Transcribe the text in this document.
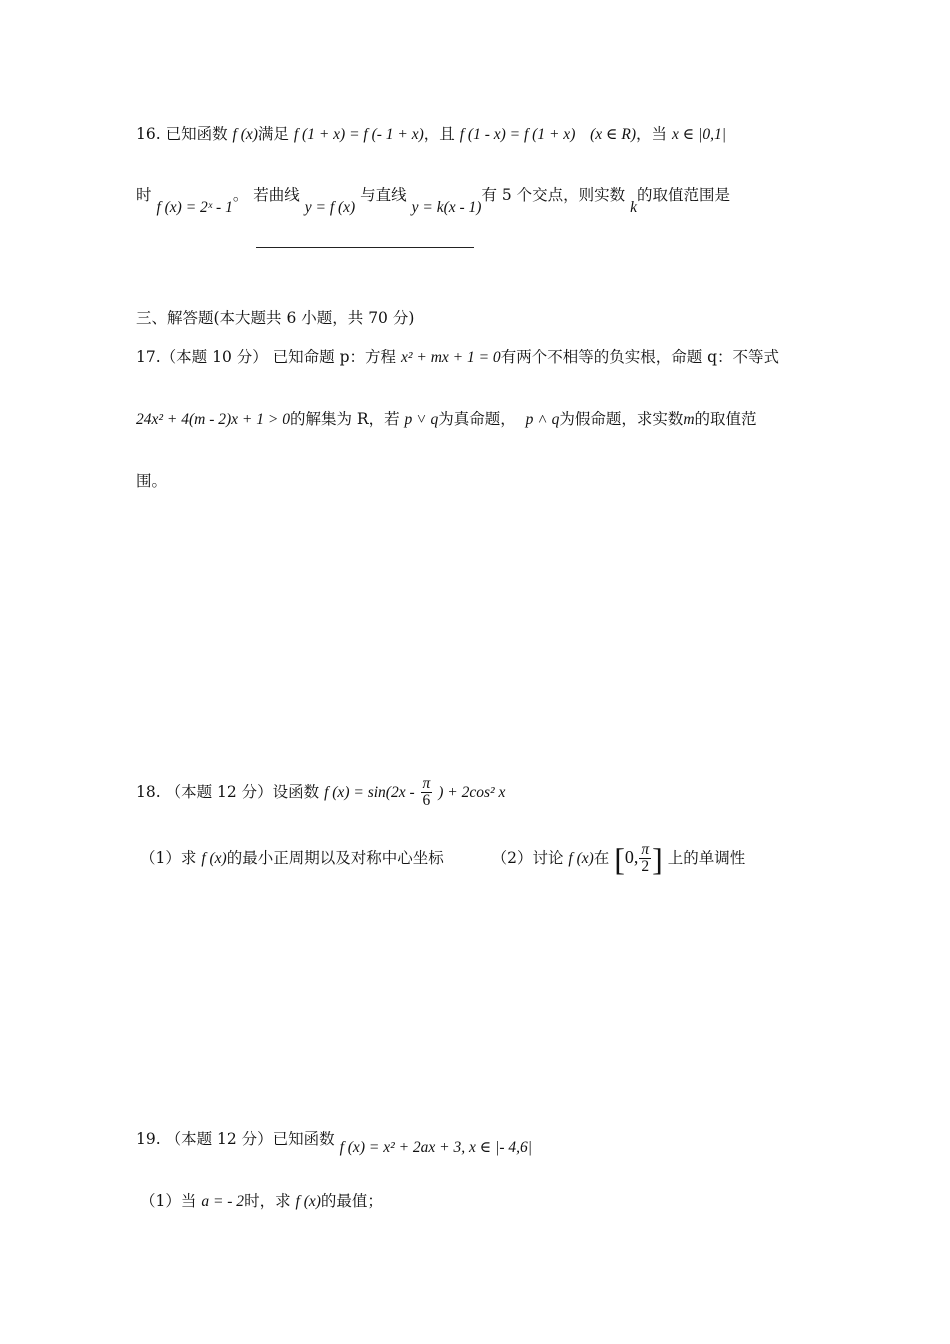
16. 已知函数 f (x)满足 f (1 + x) = f (- 1 + x)，且 f (1 - x) = f (1 + x) (x ∈ R)，当 x ∈ |0,1|
时 f (x) = 2ˣ - 1。 若曲线 y = f (x) 与直线 y = k(x - 1)有 5 个交点，则实数 k的取值范围是
三、解答题(本大题共 6 小题，共 70 分)
17.（本题 10 分） 已知命题 p：方程 x² + mx + 1 = 0有两个不相等的负实根，命题 q：不等式
24x² + 4(m - 2)x + 1 > 0的解集为 R，若 p ˅ q为真命题， p ˄ q为假命题，求实数m的取值范
围。
18. （本题 12 分）设函数 f $(x) = \sin(2x - \frac{\pi}{6}$ ) + 2cos² x
（1）求 f (x)的最小正周期以及对称中心坐标	（2）讨论 f (x)在 [0, $\frac{\pi}{2}$ ] 上的单调性
19. （本题 12 分）已知函数 f (x) = x² + 2ax + 3, x ∈ |- 4,6|
（1）当 a = - 2时，求 f (x)的最值；
